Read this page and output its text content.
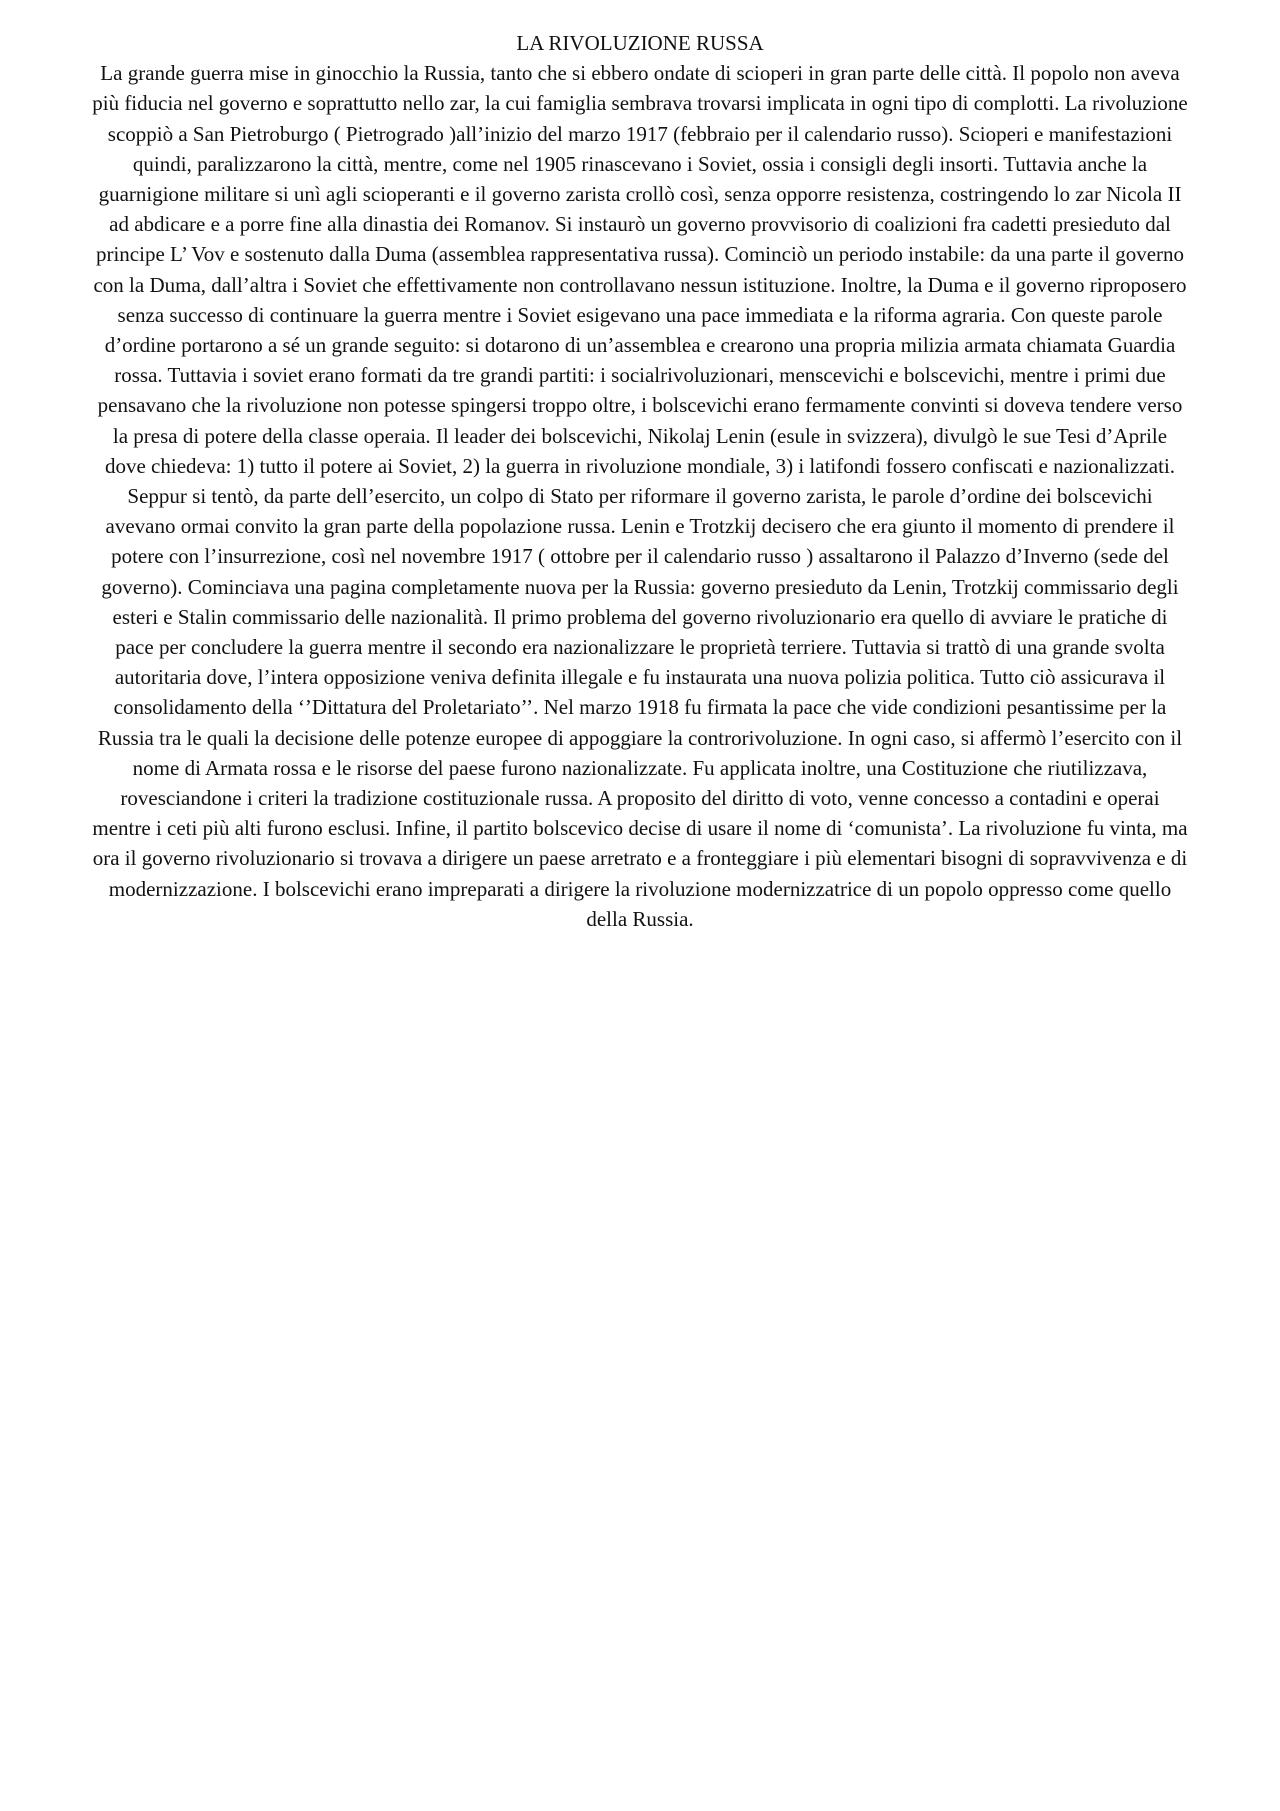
LA RIVOLUZIONE RUSSA

La grande guerra mise in ginocchio la Russia, tanto che si ebbero ondate di scioperi in gran parte delle città. Il popolo non aveva più fiducia nel governo e soprattutto nello zar, la cui famiglia sembrava trovarsi implicata in ogni tipo di complotti. La rivoluzione scoppiò a San Pietroburgo ( Pietrogrado )all’inizio del marzo 1917 (febbraio per il calendario russo). Scioperi e manifestazioni quindi, paralizzarono la città, mentre, come nel 1905 rinascevano i Soviet, ossia i consigli degli insorti. Tuttavia anche la guarnigione militare si unì agli scioperanti e il governo zarista crollò così, senza opporre resistenza, costringendo lo zar Nicola II ad abdicare e a porre fine alla dinastia dei Romanov. Si instaurò un governo provvisorio di coalizioni fra cadetti presieduto dal principe L’ Vov e sostenuto dalla Duma (assemblea rappresentativa russa). Cominciò un periodo instabile: da una parte il governo con la Duma, dall’altra i Soviet che effettivamente non controllavano nessun istituzione. Inoltre, la Duma e il governo riproposero senza successo di continuare la guerra mentre i Soviet esigevano una pace immediata e la riforma agraria. Con queste parole d’ordine portarono a sé un grande seguito: si dotarono di un’assemblea e crearono una propria milizia armata chiamata Guardia rossa. Tuttavia i soviet erano formati da tre grandi partiti: i socialrivoluzionari, menscevichi e bolscevichi, mentre i primi due pensavano che la rivoluzione non potesse spingersi troppo oltre, i bolscevichi erano fermamente convinti si doveva tendere verso la presa di potere della classe operaia. Il leader dei bolscevichi, Nikolaj Lenin (esule in svizzera), divulgò le sue Tesi d’Aprile dove chiedeva: 1) tutto il potere ai Soviet, 2) la guerra in rivoluzione mondiale, 3) i latifondi fossero confiscati e nazionalizzati. Seppur si tentò, da parte dell’esercito, un colpo di Stato per riformare il governo zarista, le parole d’ordine dei bolscevichi avevano ormai convito la gran parte della popolazione russa. Lenin e Trotzkij decisero che era giunto il momento di prendere il potere con l’insurrezione, così nel novembre 1917 ( ottobre per il calendario russo ) assaltarono il Palazzo d’Inverno (sede del governo). Cominciava una pagina completamente nuova per la Russia: governo presieduto da Lenin, Trotzkij commissario degli esteri e Stalin commissario delle nazionalità. Il primo problema del governo rivoluzionario era quello di avviare le pratiche di pace per concludere la guerra mentre il secondo era nazionalizzare le proprietà terriere. Tuttavia si trattò di una grande svolta autoritaria dove, l’intera opposizione veniva definita illegale e fu instaurata una nuova polizia politica. Tutto ciò assicurava il consolidamento della ‘’Dittatura del Proletariato’’. Nel marzo 1918 fu firmata la pace che vide condizioni pesantissime per la Russia tra le quali la decisione delle potenze europee di appoggiare la controrivoluzione. In ogni caso, si affermò l’esercito con il nome di Armata rossa e le risorse del paese furono nazionalizzate. Fu applicata inoltre, una Costituzione che riutilizzava, rovesciandone i criteri la tradizione costituzionale russa. A proposito del diritto di voto, venne concesso a contadini e operai mentre i ceti più alti furono esclusi. Infine, il partito bolscevico decise di usare il nome di ‘comunista’. La rivoluzione fu vinta, ma ora il governo rivoluzionario si trovava a dirigere un paese arretrato e a fronteggiare i più elementari bisogni di sopravvivenza e di modernizzazione. I bolscevichi erano impreparati a dirigere la rivoluzione modernizzatrice di un popolo oppresso come quello della Russia.
